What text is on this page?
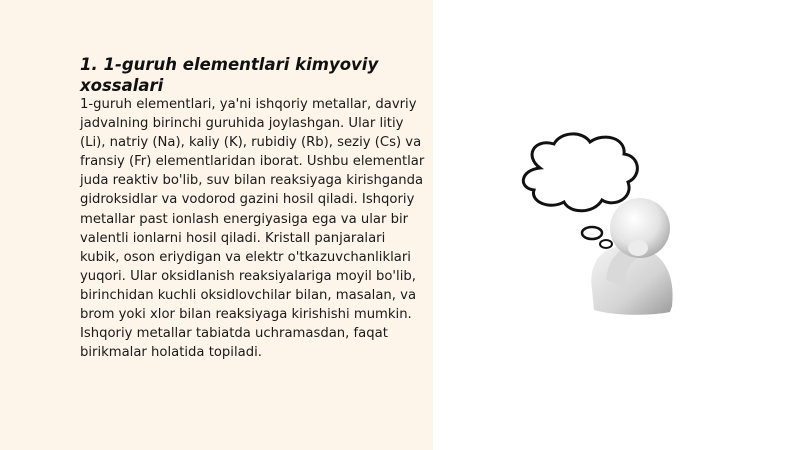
1. 1-guruh elementlari kimyoviy xossalari

1-guruh elementlari, ya'ni ishqoriy metallar, davriy jadvalning birinchi guruhida joylashgan. Ular litiy (Li), natriy (Na), kaliy (K), rubidiy (Rb), seziy (Cs) va fransiy (Fr) elementlaridan iborat. Ushbu elementlar juda reaktiv bo'lib, suv bilan reaksiyaga kirishganda gidroksidlar va vodorod gazini hosil qiladi. Ishqoriy metallar past ionlash energiyasiga ega va ular bir valentli ionlarni hosil qiladi. Kristall panjaralari kubik, oson eriydigan va elektr o'tkazuvchanliklari yuqori. Ular oksidlanish reaksiyalariga moyil bo'lib, birinchidan kuchli oksidlovchilar bilan, masalan, va brom yoki xlor bilan reaksiyaga kirishishi mumkin. Ishqoriy metallar tabiatda uchramasdan, faqat birikmalar holatida topiladi.
